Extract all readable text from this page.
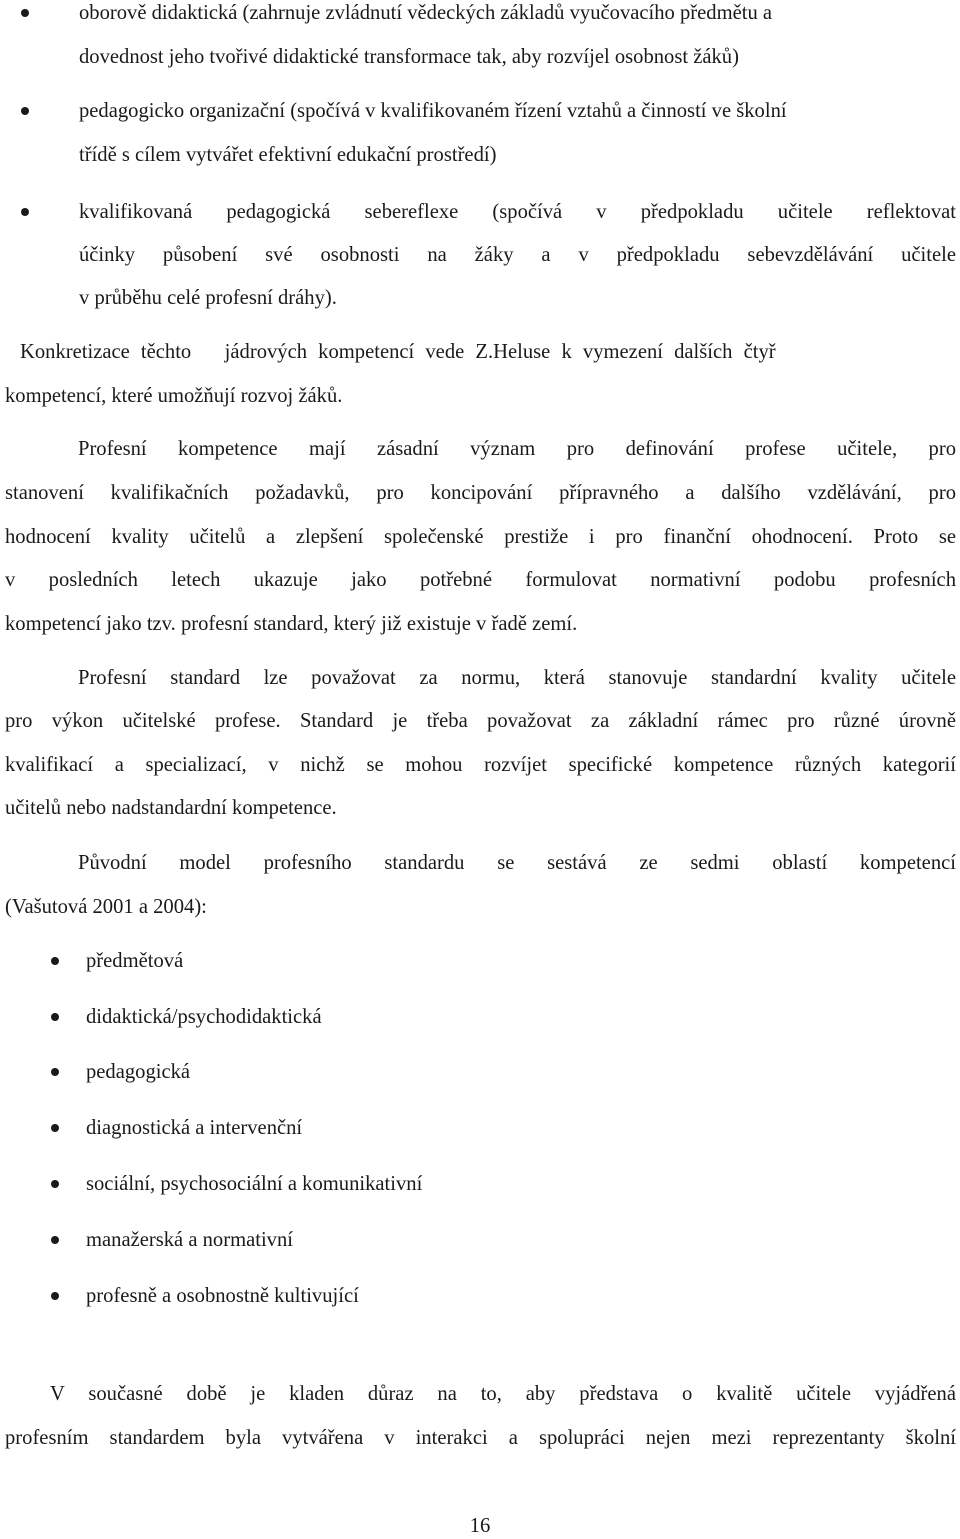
oborově didaktická (zahrnuje zvládnutí vědeckých základů vyučovacího předmětu a
dovednost jeho tvořivé didaktické transformace tak, aby rozvíjel osobnost žáků)
pedagogicko organizační (spočívá v kvalifikovaném řízení vztahů a činností ve školní
třídě s cílem vytvářet efektivní edukační prostředí)
kvalifikovaná pedagogická sebereflexe (spočívá v předpokladu učitele reflektovat
účinky působení své osobnosti na žáky a v předpokladu sebevzdělávání učitele
v průběhu celé profesní dráhy).
Konkretizace těchto   jádrových kompetencí vede Z.Heluse k vymezení dalších čtyř
kompetencí, které umožňují rozvoj žáků.
Profesní kompetence mají zásadní význam pro definování profese učitele, pro
stanovení kvalifikačních požadavků, pro koncipování přípravného a dalšího vzdělávání, pro
hodnocení kvality učitelů a zlepšení společenské prestiže i pro finanční ohodnocení. Proto se
v posledních letech ukazuje jako potřebné formulovat normativní podobu profesních
kompetencí jako tzv. profesní standard, který již existuje v řadě zemí.
Profesní standard lze považovat za normu, která stanovuje standardní kvality učitele
pro výkon učitelské profese. Standard je třeba považovat za základní rámec pro různé úrovně
kvalifikací a specializací, v nichž se mohou rozvíjet specifické kompetence různých kategorií
učitelů nebo nadstandardní kompetence.
Původní model profesního standardu se sestává ze sedmi oblastí kompetencí
(Vašutová 2001 a 2004):
předmětová
didaktická/psychodidaktická
pedagogická
diagnostická a intervenční
sociální, psychosociální a komunikativní
manažerská a normativní
profesně a osobnostně kultivující
V současné době je kladen důraz na to, aby představa o kvalitě učitele vyjádřená
profesním standardem byla vytvářena v interakci a spolupráci nejen mezi reprezentanty školní
16
